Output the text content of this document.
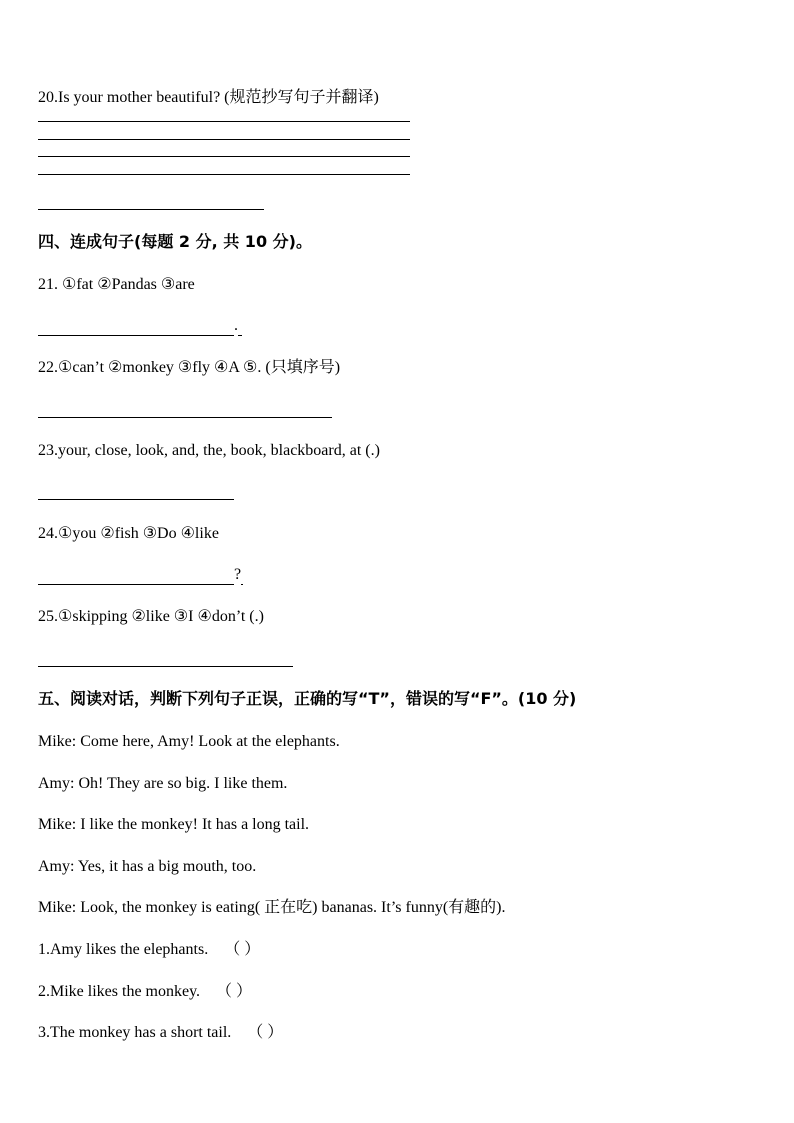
20.Is your mother beautiful? (规范抄写句子并翻译)
四、连成句子(每题 2 分, 共 10 分)。
21. ①fat ②Pandas ③are
.
22.①can’t ②monkey ③fly ④A ⑤. (只填序号)
23.your, close, look, and, the, book, blackboard, at (.)
24.①you ②fish ③Do ④like
?
25.①skipping ②like ③I ④don’t (.)
五、阅读对话，判断下列句子正误，正确的写“T”，错误的写“F”。(10 分)
Mike: Come here, Amy! Look at the elephants.
Amy: Oh! They are so big. I like them.
Mike: I like the monkey! It has a long tail.
Amy: Yes, it has a big mouth, too.
Mike: Look, the monkey is eating( 正在吃) bananas. It’s funny(有趣的).
1.Amy likes the elephants. （ ）
2.Mike likes the monkey. （ ）
3.The monkey has a short tail. （ ）
